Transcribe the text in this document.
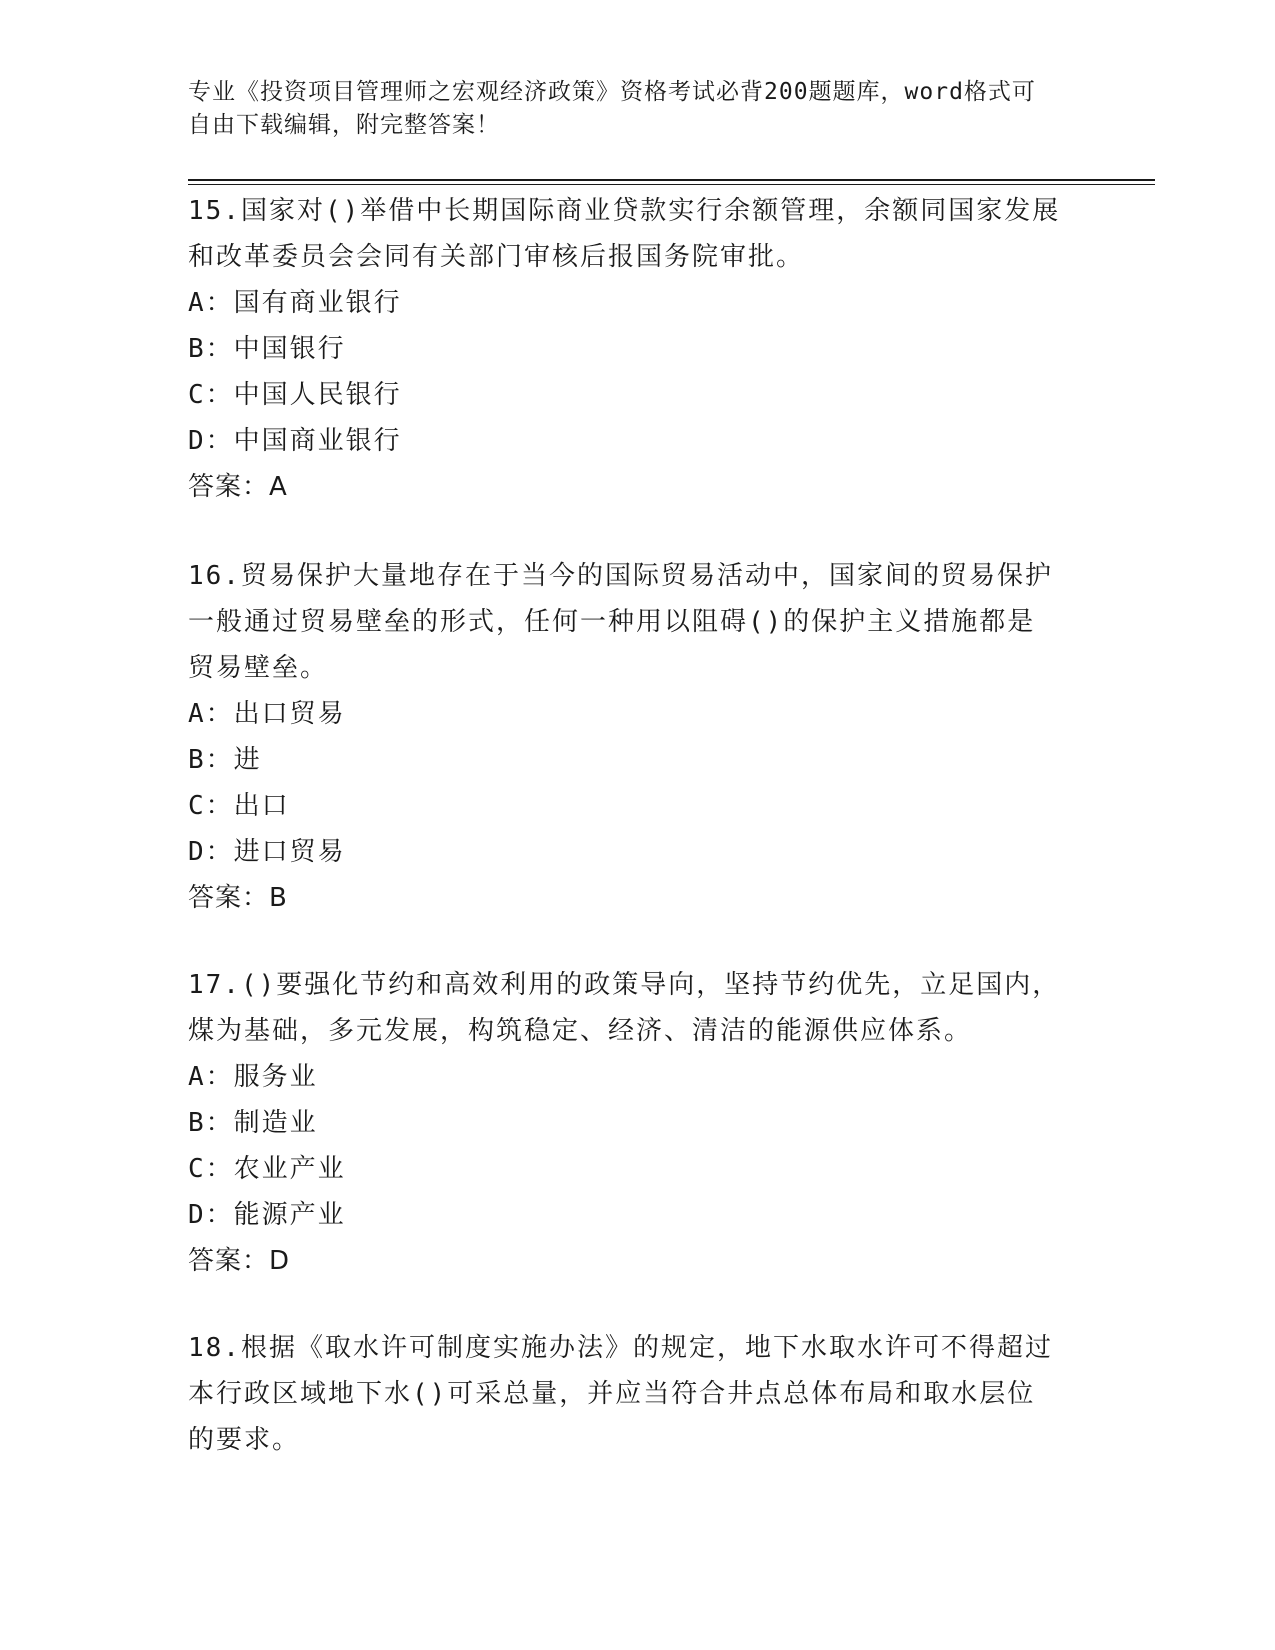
专业《投资项目管理师之宏观经济政策》资格考试必背200题题库，word格式可
自由下载编辑，附完整答案！
15.国家对()举借中长期国际商业贷款实行余额管理，余额同国家发展
和改革委员会会同有关部门审核后报国务院审批。
A：国有商业银行
B：中国银行
C：中国人民银行
D：中国商业银行
答案：A
16.贸易保护大量地存在于当今的国际贸易活动中，国家间的贸易保护
一般通过贸易壁垒的形式，任何一种用以阻碍()的保护主义措施都是
贸易壁垒。
A：出口贸易
B：进
C：出口
D：进口贸易
答案：B
17.()要强化节约和高效利用的政策导向，坚持节约优先，立足国内，
煤为基础，多元发展，构筑稳定、经济、清洁的能源供应体系。
A：服务业
B：制造业
C：农业产业
D：能源产业
答案：D
18.根据《取水许可制度实施办法》的规定，地下水取水许可不得超过
本行政区域地下水()可采总量，并应当符合井点总体布局和取水层位
的要求。
